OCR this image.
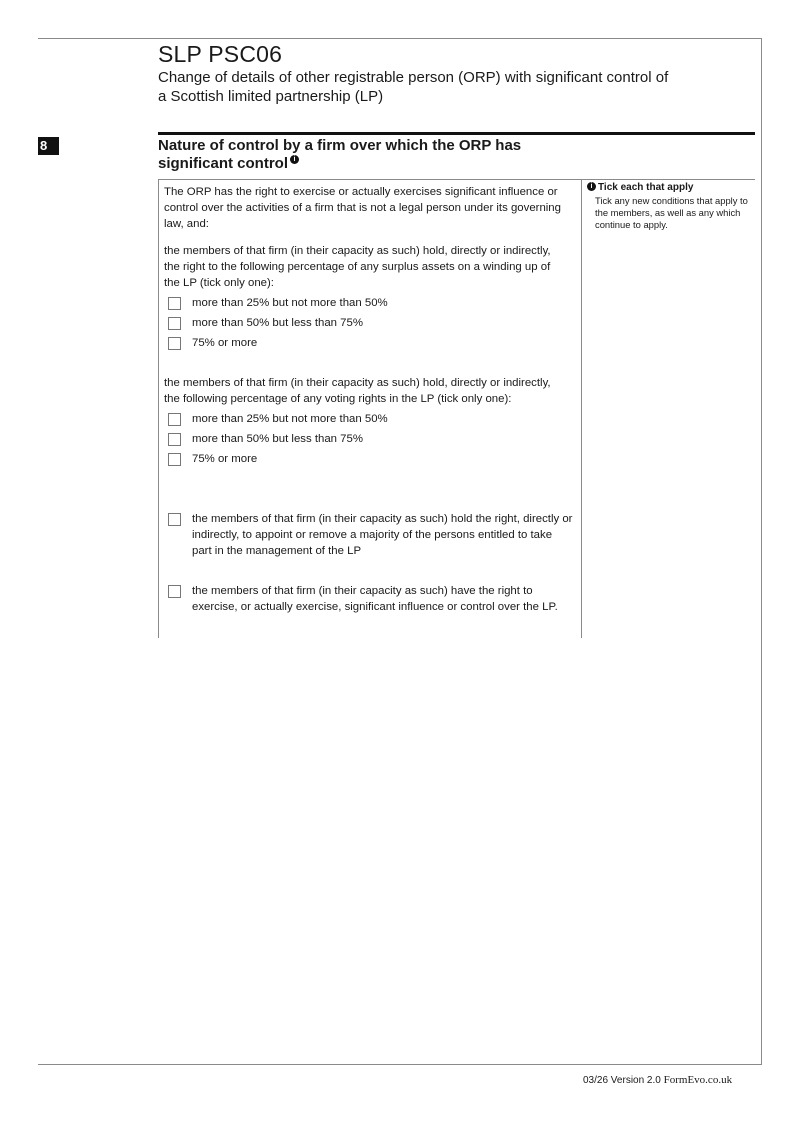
SLP PSC06
Change of details of other registrable person (ORP) with significant control of a Scottish limited partnership (LP)
8	Nature of control by a firm over which the ORP has significant control i
The ORP has the right to exercise or actually exercises significant influence or control over the activities of a firm that is not a legal person under its governing law, and:
the members of that firm (in their capacity as such) hold, directly or indirectly, the right to the following percentage of any surplus assets on a winding up of the LP (tick only one):
more than 25% but not more than 50%
more than 50% but less than 75%
75% or more
the members of that firm (in their capacity as such) hold, directly or indirectly, the following percentage of any voting rights in the LP (tick only one):
more than 25% but not more than 50%
more than 50% but less than 75%
75% or more
the members of that firm (in their capacity as such) hold the right, directly or indirectly, to appoint or remove a majority of the persons entitled to take part in the management of the LP
the members of that firm (in their capacity as such) have the right to exercise, or actually exercise, significant influence or control over the LP.
i Tick each that apply
Tick any new conditions that apply to the members, as well as any which continue to apply.
03/26 Version 2.0 FormEvo.co.uk
